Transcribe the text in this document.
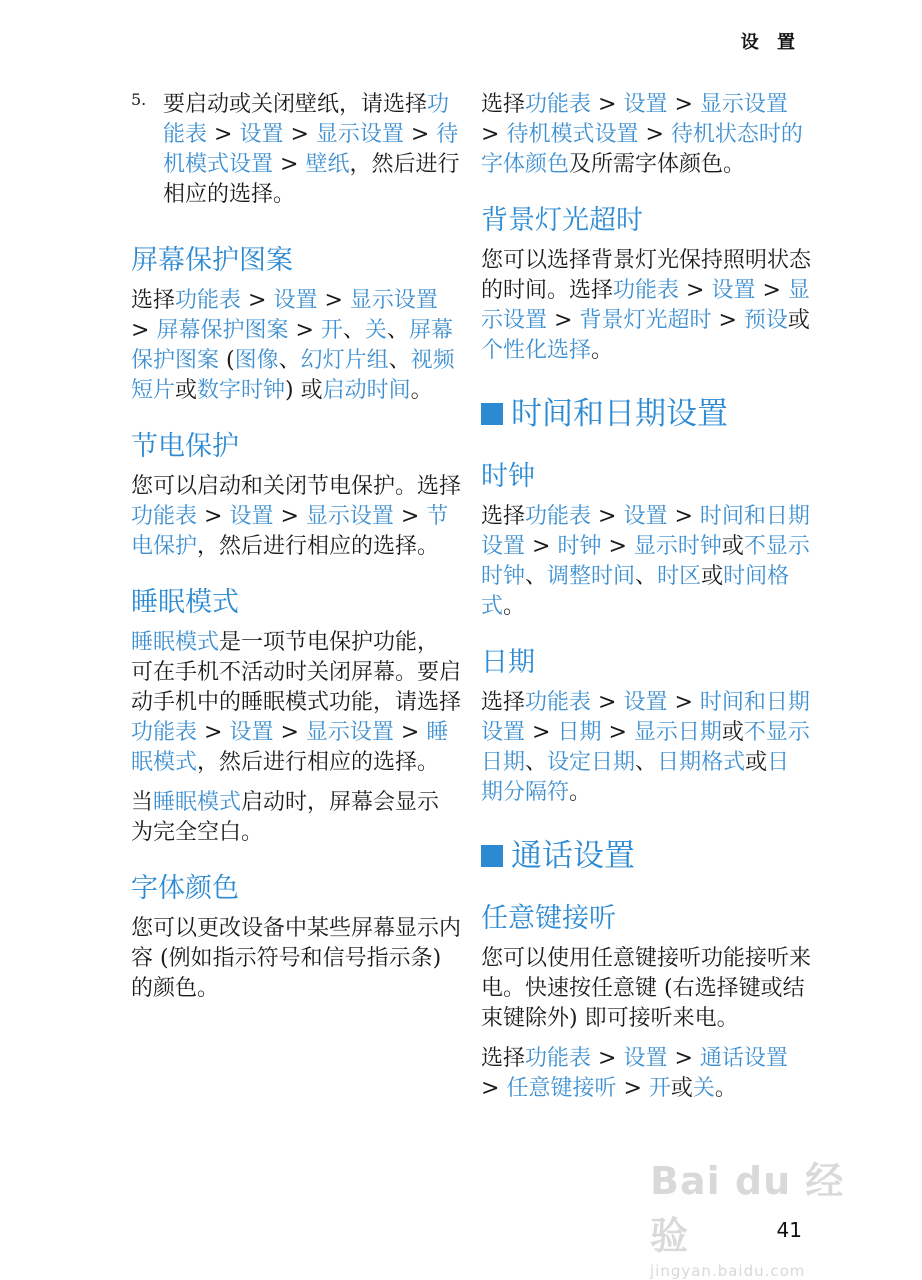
设 置
5. 要启动或关闭壁纸，请选择功能表 > 设置 > 显示设置 > 待机模式设置 > 壁纸，然后进行相应的选择。

屏幕保护图案

选择功能表 > 设置 > 显示设置 > 屏幕保护图案 > 开、关、屏幕保护图案 (图像、幻灯片组、视频短片或数字时钟) 或启动时间。

节电保护

您可以启动和关闭节电保护。选择功能表 > 设置 > 显示设置 > 节电保护，然后进行相应的选择。

睡眠模式

睡眠模式是一项节电保护功能，可在手机不活动时关闭屏幕。要启动手机中的睡眠模式功能，请选择功能表 > 设置 > 显示设置 > 睡眠模式，然后进行相应的选择。

当睡眠模式启动时，屏幕会显示为完全空白。

字体颜色

您可以更改设备中某些屏幕显示内容 (例如指示符号和信号指示条) 的颜色。

选择功能表 > 设置 > 显示设置 > 待机模式设置 > 待机状态时的字体颜色及所需字体颜色。

背景灯光超时

您可以选择背景灯光保持照明状态的时间。选择功能表 > 设置 > 显示设置 > 背景灯光超时 > 预设或个性化选择。

时间和日期设置
时钟

选择功能表 > 设置 > 时间和日期设置 > 时钟 > 显示时钟或不显示时钟、调整时间、时区或时间格式。

日期

选择功能表 > 设置 > 时间和日期设置 > 日期 > 显示日期或不显示日期、设定日期、日期格式或日期分隔符。

通话设置
任意键接听

您可以使用任意键接听功能接听来电。快速按任意键 (右选择键或结束键除外) 即可接听来电。

选择功能表 > 设置 > 通话设置 > 任意键接听 > 开或关。

Bai du 经验
jingyan.baidu.com
41
